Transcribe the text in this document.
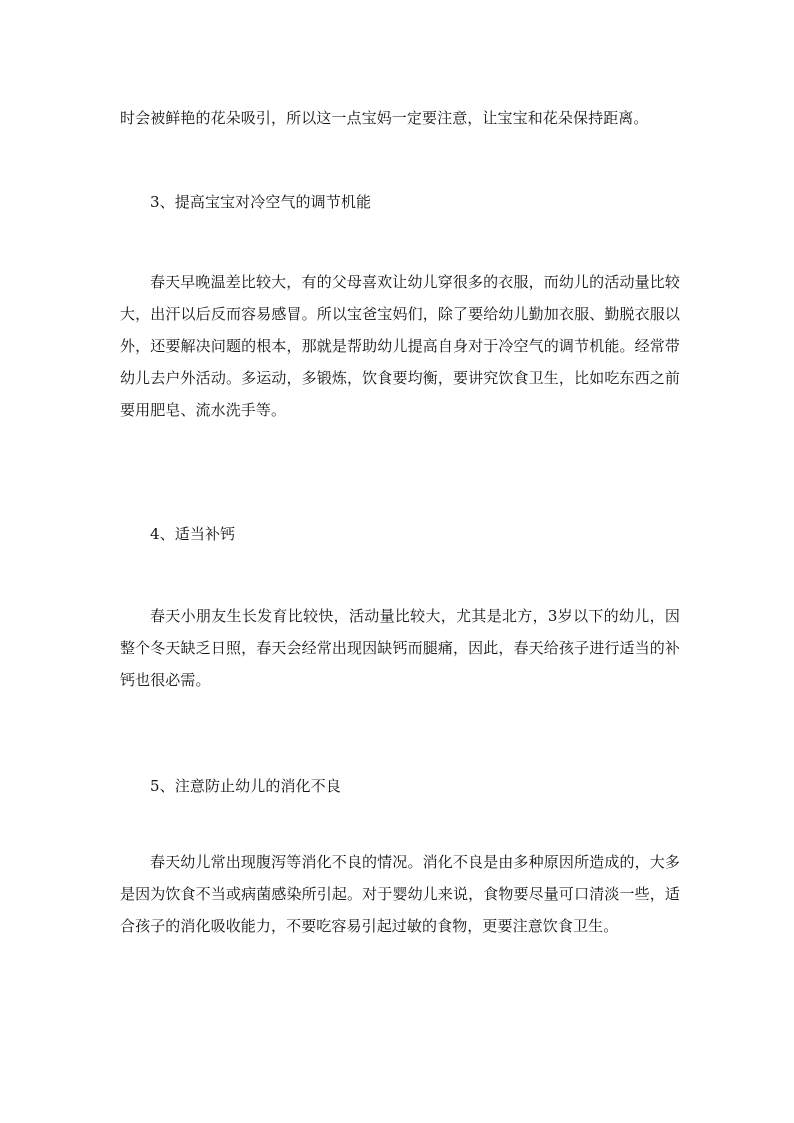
时会被鲜艳的花朵吸引，所以这一点宝妈一定要注意，让宝宝和花朵保持距离。

3、提高宝宝对冷空气的调节机能

春天早晚温差比较大，有的父母喜欢让幼儿穿很多的衣服，而幼儿的活动量比较大，出汗以后反而容易感冒。所以宝爸宝妈们，除了要给幼儿勤加衣服、勤脱衣服以外，还要解决问题的根本，那就是帮助幼儿提高自身对于冷空气的调节机能。经常带幼儿去户外活动。多运动，多锻炼，饮食要均衡，要讲究饮食卫生，比如吃东西之前要用肥皂、流水洗手等。

4、适当补钙

春天小朋友生长发育比较快，活动量比较大，尤其是北方，3岁以下的幼儿，因整个冬天缺乏日照，春天会经常出现因缺钙而腿痛，因此，春天给孩子进行适当的补钙也很必需。

5、注意防止幼儿的消化不良

春天幼儿常出现腹泻等消化不良的情况。消化不良是由多种原因所造成的，大多是因为饮食不当或病菌感染所引起。对于婴幼儿来说，食物要尽量可口清淡一些，适合孩子的消化吸收能力，不要吃容易引起过敏的食物，更要注意饮食卫生。
